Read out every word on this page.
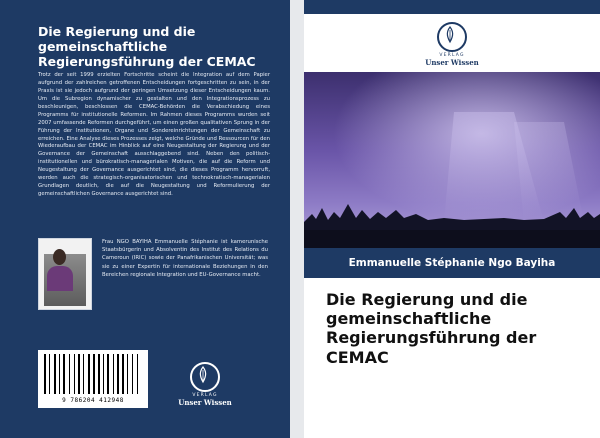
Die Regierung und die gemeinschaftliche Regierungsführung der CEMAC
Trotz der seit 1999 erzielten Fortschritte scheint die Integration auf dem Papier aufgrund der zahlreichen getroffenen Entscheidungen fortgeschritten zu sein, in der Praxis ist sie jedoch aufgrund der geringen Umsetzung dieser Entscheidungen kaum. Um die Subregion dynamischer zu gestalten und den Integrationsprozess zu beschleunigen, beschlossen die CEMAC-Behörden die Verabschiedung eines Programms für institutionelle Reformen. Im Rahmen dieses Programms wurden seit 2007 umfassende Reformen durchgeführt, um einen großen qualitativen Sprung in der Führung der Institutionen, Organe und Sondereinrichtungen der Gemeinschaft zu erreichen. Eine Analyse dieses Prozesses zeigt, welche Gründe und Ressourcen für den Wiederaufbau der CEMAC im Hinblick auf eine Neugestaltung der Regierung und der Governance der Gemeinschaft ausschlaggebend sind. Neben den politisch-institutionellen und bürokratisch-managerialen Motiven, die auf die Reform und Neugestaltung der Governance ausgerichtet sind, die dieses Programm hervorruft, werden auch die strategisch-organisatorischen und technokratisch-managerialen Grundlagen deutlich, die auf die Neugestaltung und Reformulierung der gemeinschaftlichen Governance ausgerichtet sind.
Frau NGO BAYIHA Emmanuelle Stéphanie ist kamerunische Staatsbürgerin und Absolventin des Institut des Relations du Cameroun (IRIC) sowie der Panafrikanischen Universität; was sie zu einer Expertin für internationale Beziehungen in den Bereichen regionale Integration und EU-Governance macht.
9 786204 412948
VERLAG
Unser Wissen
VERLAG
Unser Wissen
Emmanuelle Stéphanie Ngo Bayiha
Die Regierung und die gemeinschaftliche Regierungsführung der CEMAC
